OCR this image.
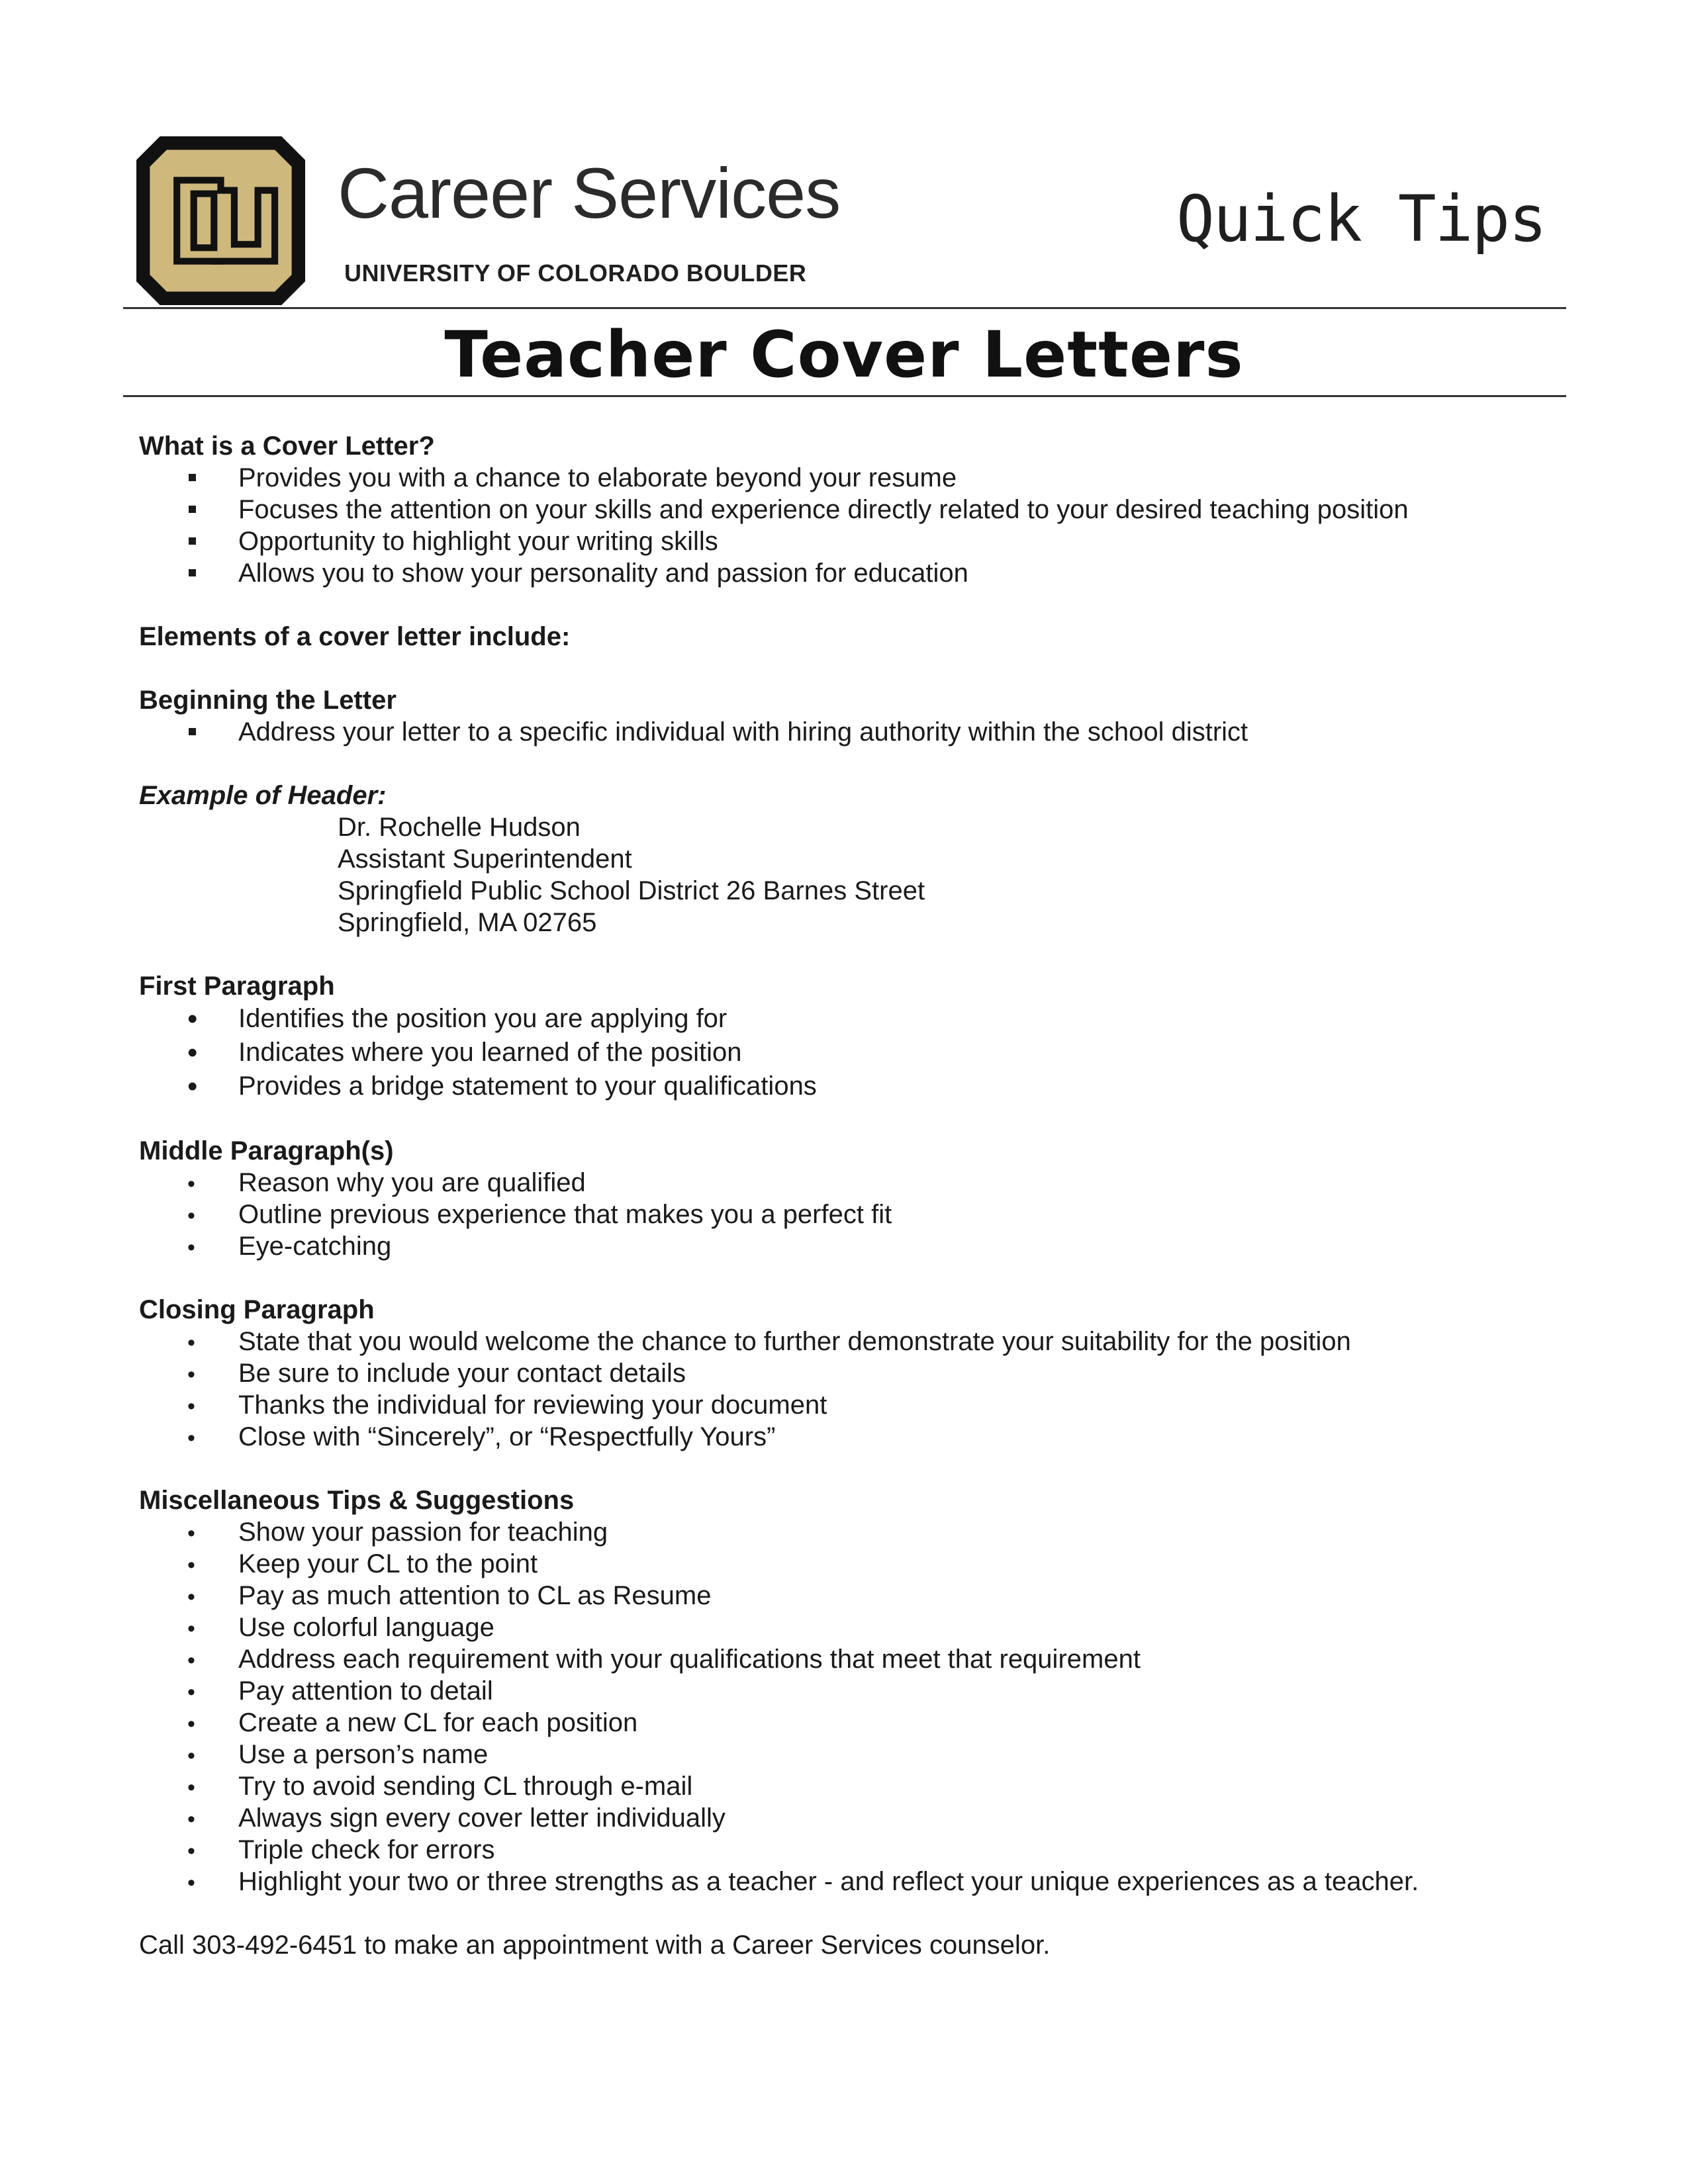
Career Services
UNIVERSITY OF COLORADO BOULDER
Quick Tips
Teacher Cover Letters
What is a Cover Letter?
Provides you with a chance to elaborate beyond your resume
Focuses the attention on your skills and experience directly related to your desired teaching position
Opportunity to highlight your writing skills
Allows you to show your personality and passion for education
Elements of a cover letter include:
Beginning the Letter
Address your letter to a specific individual with hiring authority within the school district
Example of Header:
Dr. Rochelle Hudson
Assistant Superintendent
Springfield Public School District 26 Barnes Street
Springfield, MA 02765
First Paragraph
•
Identifies the position you are applying for
•
Indicates where you learned of the position
•
Provides a bridge statement to your qualifications
Middle Paragraph(s)
•
Reason why you are qualified
•
Outline previous experience that makes you a perfect fit
•
Eye-catching
Closing Paragraph
•
State that you would welcome the chance to further demonstrate your suitability for the position
•
Be sure to include your contact details
•
Thanks the individual for reviewing your document
•
Close with “Sincerely”, or “Respectfully Yours”
Miscellaneous Tips & Suggestions
•
Show your passion for teaching
•
Keep your CL to the point
•
Pay as much attention to CL as Resume
•
Use colorful language
•
Address each requirement with your qualifications that meet that requirement
•
Pay attention to detail
•
Create a new CL for each position
•
Use a person’s name
•
Try to avoid sending CL through e-mail
•
Always sign every cover letter individually
•
Triple check for errors
•
Highlight your two or three strengths as a teacher - and reflect your unique experiences as a teacher.
Call 303-492-6451 to make an appointment with a Career Services counselor.
